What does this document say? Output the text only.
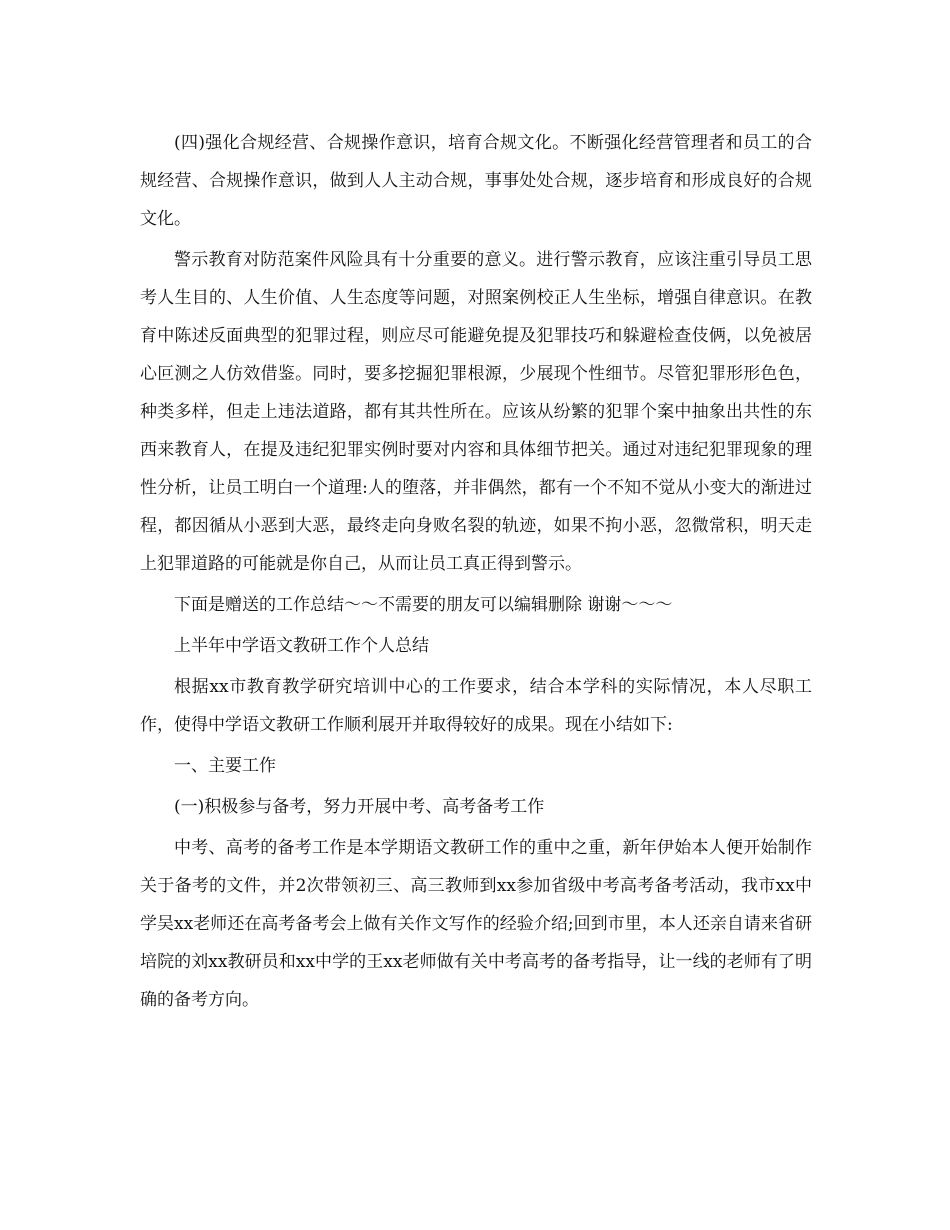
(四)强化合规经营、合规操作意识，培育合规文化。不断强化经营管理者和员工的合规经营、合规操作意识，做到人人主动合规，事事处处合规，逐步培育和形成良好的合规文化。

警示教育对防范案件风险具有十分重要的意义。进行警示教育，应该注重引导员工思考人生目的、人生价值、人生态度等问题，对照案例校正人生坐标，增强自律意识。在教育中陈述反面典型的犯罪过程，则应尽可能避免提及犯罪技巧和躲避检查伎俩，以免被居心叵测之人仿效借鉴。同时，要多挖掘犯罪根源，少展现个性细节。尽管犯罪形形色色，种类多样，但走上违法道路，都有其共性所在。应该从纷繁的犯罪个案中抽象出共性的东西来教育人，在提及违纪犯罪实例时要对内容和具体细节把关。通过对违纪犯罪现象的理性分析，让员工明白一个道理:人的堕落，并非偶然，都有一个不知不觉从小变大的渐进过程，都因循从小恶到大恶，最终走向身败名裂的轨迹，如果不拘小恶，忽微常积，明天走上犯罪道路的可能就是你自己，从而让员工真正得到警示。

下面是赠送的工作总结～～不需要的朋友可以编辑删除 谢谢～～～

上半年中学语文教研工作个人总结

根据xx市教育教学研究培训中心的工作要求，结合本学科的实际情况，本人尽职工作，使得中学语文教研工作顺利展开并取得较好的成果。现在小结如下:

一、主要工作

(一)积极参与备考，努力开展中考、高考备考工作

中考、高考的备考工作是本学期语文教研工作的重中之重，新年伊始本人便开始制作关于备考的文件，并2次带领初三、高三教师到xx参加省级中考高考备考活动，我市xx中学吴xx老师还在高考备考会上做有关作文写作的经验介绍;回到市里，本人还亲自请来省研培院的刘xx教研员和xx中学的王xx老师做有关中考高考的备考指导，让一线的老师有了明确的备考方向。
